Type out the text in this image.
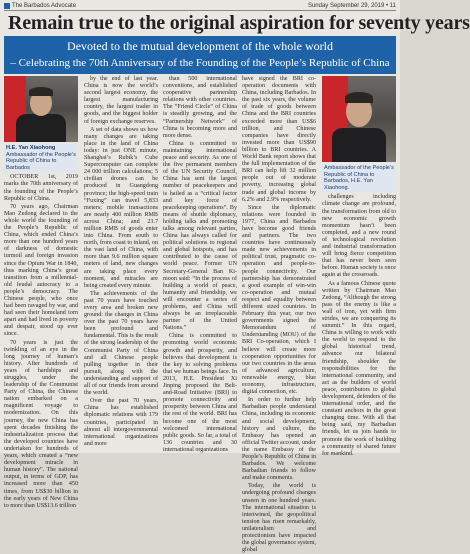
The Barbados Advocate	Sunday September 29, 2019 • 11
Remain true to the original aspiration for seventy years
Devoted to the mutual development of the whole world
– Celebrating the 70th Anniversary of the Founding of the People’s Republic of China
H.E. Yan Xiaohong
Ambassador of the People’s Republic of China to Barbados

OCTOBER 1st, 2019 marks the 70th anniversary of the founding of the People’s Republic of China.

70 years ago, Chairman Mao Zedong declared to the whole world the founding of the People’s Republic of China, which ended China’s more than one hundred years of darkness of domestic turmoil and foreign invasion since the Opium War in 1840, thus marking China’s great transition from a millennial-old feudal autocracy to a people’s democracy. The Chinese people, who once had been ravaged by war, and had seen their homeland torn apart and had lived in poverty and despair, stood up ever since.

70 years is just the twinkling of an eye in the long journey of human’s history. After hundreds of years of hardships and struggles, under the leadership of the Communist Party of China, the Chinese nation embarked on a magnificent voyage to modernization. On this journey, the new China has spent decades finishing the industrialization process that the developed countries have undertaken for hundreds of years, which created a “new development miracle in human history”. The national output, in terms of GDP, has increased more than 450 times, from US$30 billion in the early years of New China to more than US$13.6 trillion

by the end of last year. China is now the world’s second largest economy, the largest manufacturing country, the largest trader in goods, and the biggest holder of foreign exchange reserves.

A set of data shows us how many changes are taking place in the land of China today: in just ONE minute, Shanghai’s Rubik’s Cube Supercomputer can complete 24 000 trillion calculations; 5 civilian drones can be produced in Guangdong province; the high-speed train “Fuxing” can travel 5,833 meters; mobile transactions are nearly 400 million RMB across China; and 23.7 million RMB of goods enter into China. From south to north, from coast to inland, on the vast land of China, with more than 9.6 million square meters of land, new changes are taking place every moment, and miracles are being created every minute.

The achievements of the past 70 years have touched every area and broken new ground: the changes in China over the past 70 years have been profound and fundamental. This is the result of the strong leadership of the Communist Party of China and all Chinese people pulling together in their pursuit, along with the understanding and support of all of our friends from around the world.

Over the past 70 years, China has established diplomatic relations with 179 countries, participated in almost all intergovernmental international organizations and more

than 500 international conventions, and established cooperative partnership relations with other countries. The “Friend Circle” of China is steadily growing, and the “Partnership Network” of China is becoming more and more dense.

China is committed to maintaining international peace and security. As one of the five permanent members of the UN Security Council, China has sent the largest number of peacekeepers and is hailed as a “critical factor and key force of peacekeeping operations”. By means of shuttle diplomacy, holding talks and promoting talks among relevant parties, China has always called for political solutions to regional and global hotspots, and has contributed to the cause of world peace. Former UN Secretary-General Ban Ki-moon said: “In the process of building a world of peace, humanity and friendship, we will encounter a series of problems, and China will always be an irreplaceable partner of the United Nations.”

China is committed to promoting world economic growth and prosperity, and believes that development is the key to solving problems that we human beings face. In 2013, H.E. President Xi Jinping proposed the Belt-and-Road Initiative (BRI) to promote connectivity and prosperity between China and the rest of the world. BRI has become one of the most welcomed international public goods. So far, a total of 136 countries and 30 international organizations

have signed the BRI co-operation documents with China, including Barbados. In the past six years, the volume of trade of goods between China and the BRI countries exceeded more than US$6 trillion, and Chinese companies have directly invested more than US$90 billion to BRI countries. A World Bank report shows that the full implementation of the BRI can help lift 32 million people out of moderate poverty, increasing global trade and global income by 6.2% and 2.9% respectively.

Since the diplomatic relations were founded in 1977, China and Barbados have become good friends and partners. The two countries have continuously made new achievements in political trust, pragmatic co-operation and people-to-people connectivity. Our partnership has demonstrated a good example of win-win co-operation and mutual respect and equality between different sized countries. In February this year, our two governments signed the Memorandum of Understanding (MOU) of the BRI Co-operation, which I believe will create more cooperation opportunities for our two countries in the areas of advanced agriculture, renewable energy, blue economy, infrastructure, digital connection, etc.

In order to further help Barbadian people understand China, including its economic and social development, history and culture, the Embassy has opened an official Twitter account, under the name Embassy of the People’s Republic of China in Barbados. We welcome Barbadian friends to follow and make comments.

Today, the world is undergoing profound changes unseen in one hundred years. The international situation is intertwined, the geopolitical tension has risen remarkably, unilateralism and protectionism have impacted the global governance system, global

Ambassador of the People’s Republic of China to Barbados, H.E. Yan Xiaohong.

challenges including climate change are profound, the transformation from old to new economic growth momentum hasn’t been completed, and a new round of technological revolution and industrial transformation will bring fierce competition that has never been seen before. Human society is once again at the crossroads.

As a famous Chinese quote written by Chairman Mao Zedong, “Although the strong pass of the enemy is like a wall of iron, yet with firm strides, we are conquering its summit.” In this regard, China is willing to work with the world to respond to the global historical trend, advance our bilateral friendship, shoulder the responsibilities for the international community, and act as the builders of world peace, contributors to global development, defenders of the international order, and the constant anchors in the great changing time. With all that being said, my Barbadian friends, let us join hands to promote the work of building a community of shared future for mankind.
